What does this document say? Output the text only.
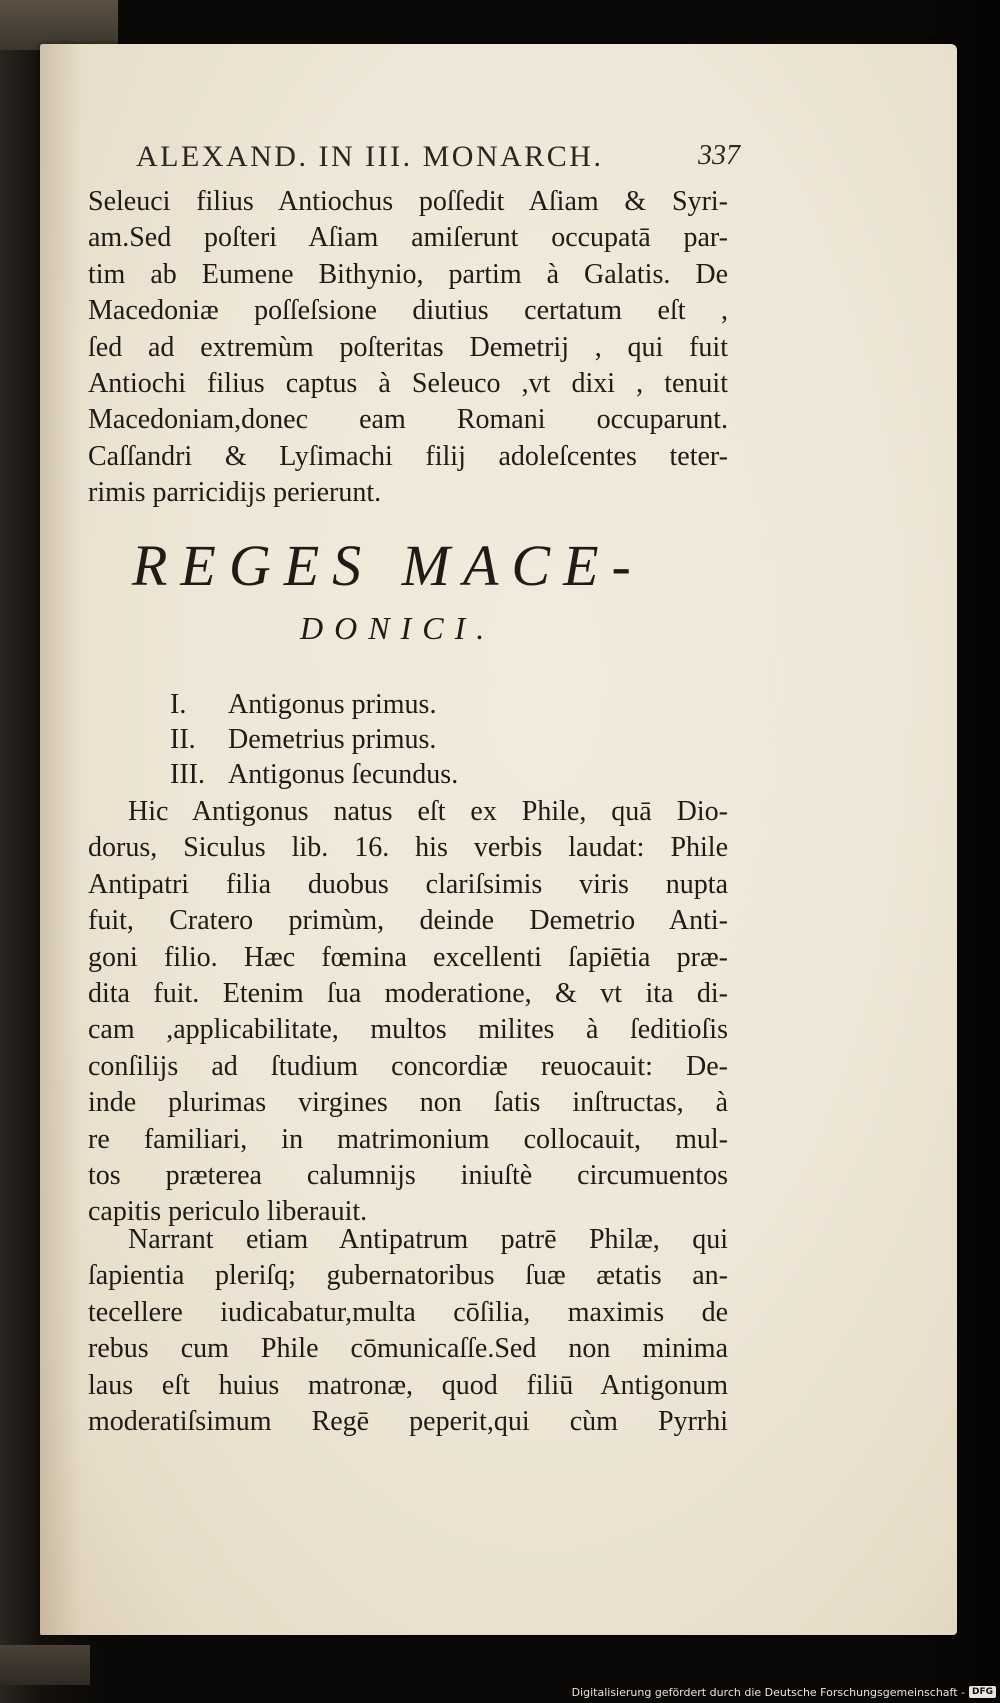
ALEXAND. IN III. MONARCH.	337
Seleuci filius Antiochus poſſedit Aſiam & Syri-
am.Sed poſteri Aſiam amiſerunt occupatā par-
tim ab Eumene Bithynio, partim à Galatis. De
Macedoniæ poſſeſsione diutius certatum eſt ,
ſed ad extremùm poſteritas Demetrij , qui fuit
Antiochi filius captus à Seleuco ,vt dixi , tenuit
Macedoniam,donec eam Romani occuparunt.
Caſſandri & Lyſimachi filij adoleſcentes teter-
rimis parricidijs perierunt.
REGES MACE-
DONICI.
I.	Antigonus primus.
II.	Demetrius primus.
III. Antigonus ſecundus.
Hic Antigonus natus eſt ex Phile, quā Dio-
dorus, Siculus lib. 16. his verbis laudat: Phile
Antipatri filia duobus clariſsimis viris nupta
fuit, Cratero primùm, deinde Demetrio Anti-
goni filio. Hæc fœmina excellenti ſapiētia præ-
dita fuit. Etenim ſua moderatione, & vt ita di-
cam ,applicabilitate, multos milites à ſeditioſis
conſilijs ad ſtudium concordiæ reuocauit: De-
inde plurimas virgines non ſatis inſtructas, à
re familiari, in matrimonium collocauit, mul-
tos præterea calumnijs iniuſtè circumuentos
capitis periculo liberauit.
Narrant etiam Antipatrum patrē Philæ, qui
ſapientia pleriſq; gubernatoribus ſuæ ætatis an-
tecellere iudicabatur,multa cōſilia, maximis de
rebus cum Phile cōmunicaſſe.Sed non minima
laus eſt huius matronæ, quod filiū Antigonum
moderatiſsimum Regē peperit,qui cùm Pyrrhi
Digitalisierung gefördert durch die Deutsche Forschungsgemeinschaft - DFG
